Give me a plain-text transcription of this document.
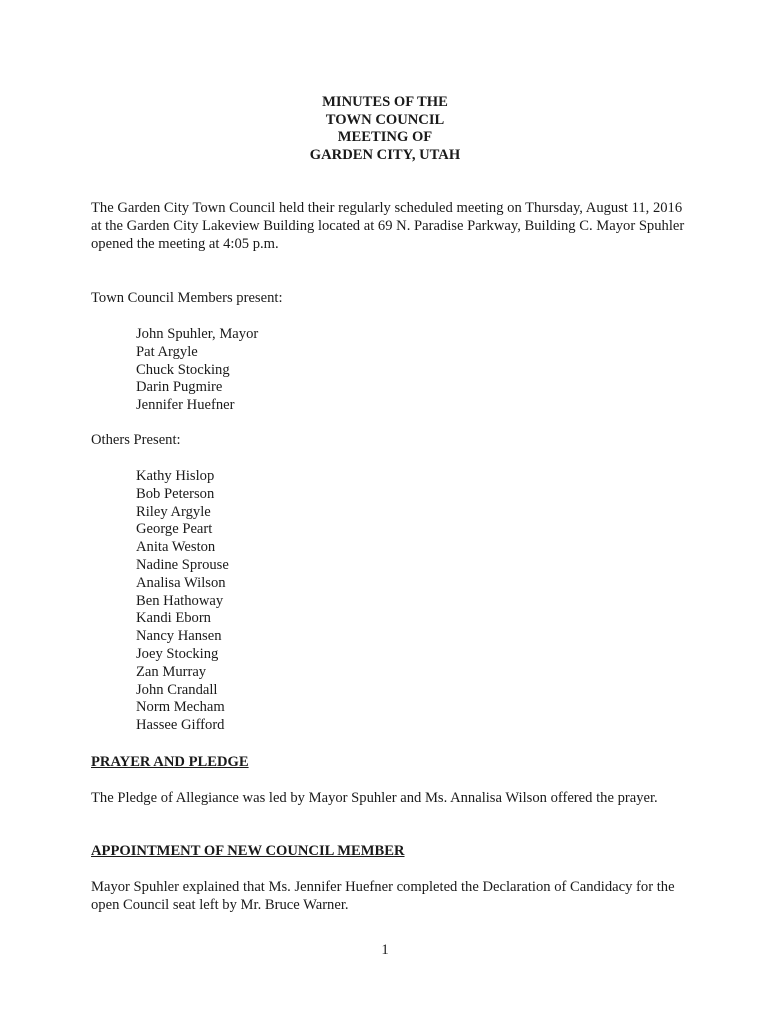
MINUTES OF THE
TOWN COUNCIL
MEETING OF
GARDEN CITY, UTAH

The Garden City Town Council held their regularly scheduled meeting on Thursday, August 11, 2016 at the Garden City Lakeview Building located at 69 N. Paradise Parkway, Building C. Mayor Spuhler opened the meeting at 4:05 p.m.

Town Council Members present:

John Spuhler, Mayor
Pat Argyle
Chuck Stocking
Darin Pugmire
Jennifer Huefner

Others Present:

Kathy Hislop
Bob Peterson
Riley Argyle
George Peart
Anita Weston
Nadine Sprouse
Analisa Wilson
Ben Hathoway
Kandi Eborn
Nancy Hansen
Joey Stocking
Zan Murray
John Crandall
Norm Mecham
Hassee Gifford

PRAYER AND PLEDGE

The Pledge of Allegiance was led by Mayor Spuhler and Ms. Annalisa Wilson offered the prayer.

APPOINTMENT OF NEW COUNCIL MEMBER

Mayor Spuhler explained that Ms. Jennifer Huefner completed the Declaration of Candidacy for the open Council seat left by Mr. Bruce Warner.

1
